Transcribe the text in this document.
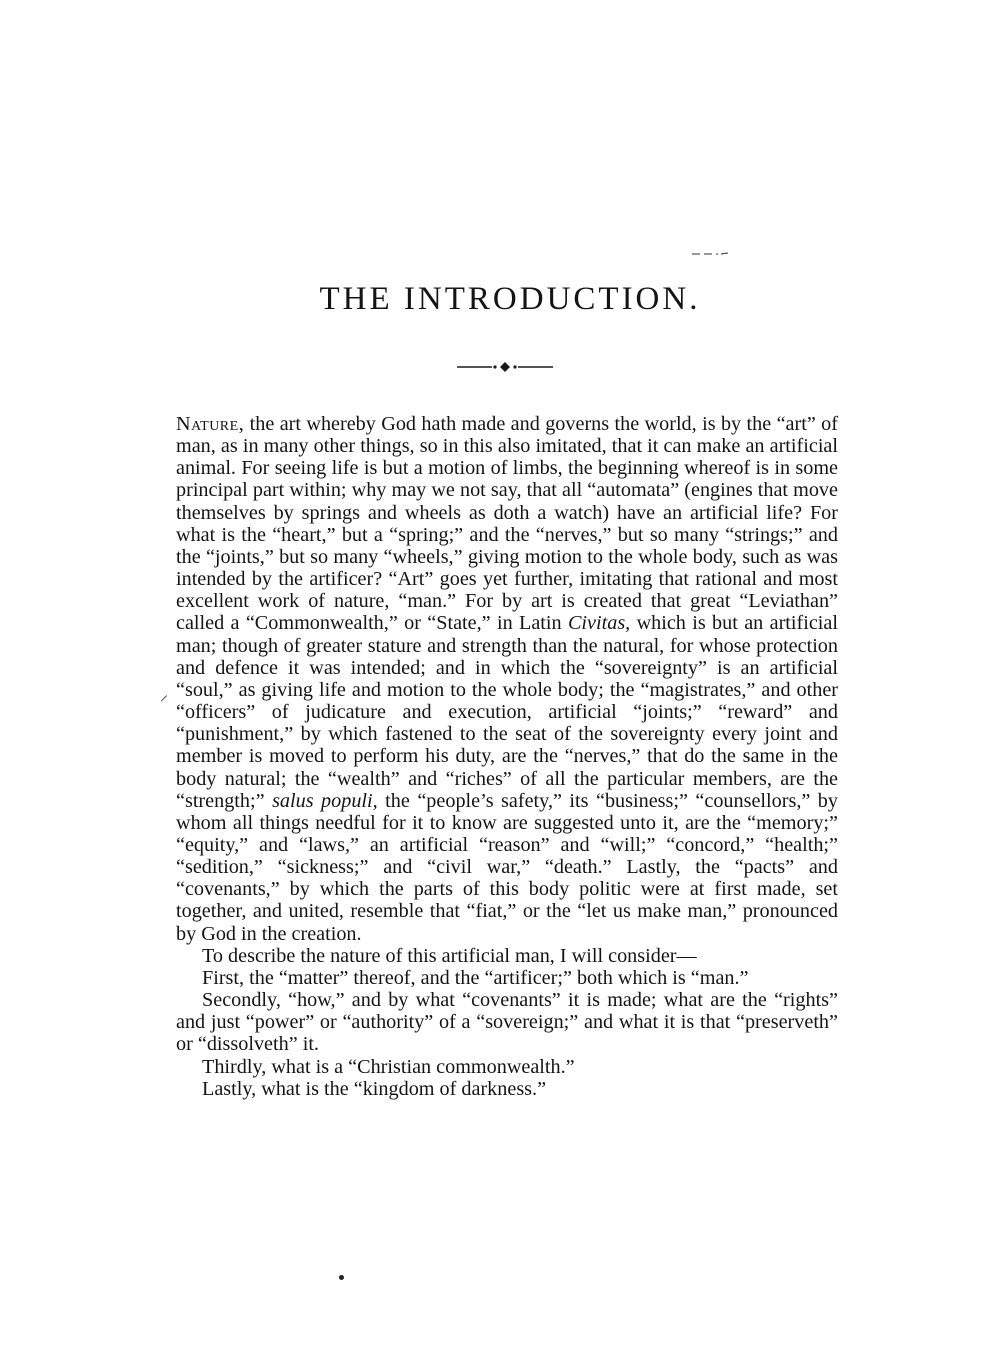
THE INTRODUCTION.
⸝

Nature, the art whereby God hath made and governs the world, is by the “art” of man, as in many other things, so in this also imitated, that it can make an artificial animal. For seeing life is but a motion of limbs, the beginning whereof is in some principal part within; why may we not say, that all “automata” (engines that move themselves by springs and wheels as doth a watch) have an artificial life? For what is the “heart,” but a “spring;” and the “nerves,” but so many “strings;” and the “joints,” but so many “wheels,” giving motion to the whole body, such as was intended by the artificer? “Art” goes yet further, imitating that rational and most excellent work of nature, “man.” For by art is created that great “Leviathan” called a “Commonwealth,” or “State,” in Latin Civitas, which is but an artificial man; though of greater stature and strength than the natural, for whose protection and defence it was intended; and in which the “sovereignty” is an artificial “soul,” as giving life and motion to the whole body; the “magistrates,” and other “officers” of judicature and execution, artificial “joints;” “reward” and “punishment,” by which fastened to the seat of the sovereignty every joint and member is moved to perform his duty, are the “nerves,” that do the same in the body natural; the “wealth” and “riches” of all the particular members, are the “strength;” salus populi, the “people’s safety,” its “business;” “counsellors,” by whom all things needful for it to know are suggested unto it, are the “memory;” “equity,” and “laws,” an artificial “reason” and “will;” “concord,” “health;” “sedition,” “sickness;” and “civil war,” “death.” Lastly, the “pacts” and “covenants,” by which the parts of this body politic were at first made, set together, and united, resemble that “fiat,” or the “let us make man,” pronounced by God in the creation.

To describe the nature of this artificial man, I will consider—

First, the “matter” thereof, and the “artificer;” both which is “man.”

Secondly, “how,” and by what “covenants” it is made; what are the “rights” and just “power” or “authority” of a “sovereign;” and what it is that “preserveth” or “dissolveth” it.

Thirdly, what is a “Christian commonwealth.”

Lastly, what is the “kingdom of darkness.”
